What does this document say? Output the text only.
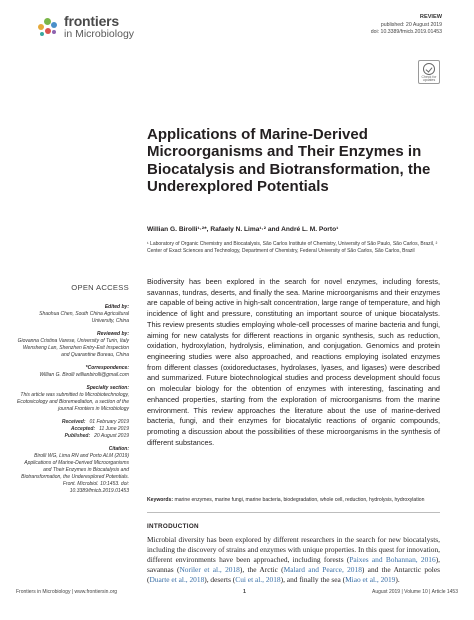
frontiers
in Microbiology
REVIEW
published: 20 August 2019
doi: 10.3389/fmicb.2019.01453
Check for
updates
Applications of Marine-Derived Microorganisms and Their Enzymes in Biocatalysis and Biotransformation, the Underexplored Potentials
Willian G. Birolli¹·²*, Rafaely N. Lima¹·² and André L. M. Porto¹

¹ Laboratory of Organic Chemistry and Biocatalysis, São Carlos Institute of Chemistry, University of São Paulo, São Carlos, Brazil, ² Center of Exact Sciences and Technology, Department of Chemistry, Federal University of São Carlos, São Carlos, Brazil

OPEN ACCESS
Edited by:
Shaohua Chen, South China Agricultural University, China
Reviewed by:
Giovanna Cristina Varese, University of Turin, Italy Wensheng Lan, Shenzhen Entry-Exit Inspection and Quarantine Bureau, China
*Correspondence:
Willian G. Birolli willianbirolli@gmail.com
Specialty section:
This article was submitted to Microbiotechnology, Ecotoxicology and Bioremediation, a section of the journal Frontiers in Microbiology
Received: 01 February 2019
Accepted: 11 June 2019
Published: 20 August 2019
Citation:
Birolli WG, Lima RN and Porto ALM (2019) Applications of Marine-Derived Microorganisms and Their Enzymes in Biocatalysis and Biotransformation, the Underexplored Potentials. Front. Microbiol. 10:1453. doi: 10.3389/fmicb.2019.01453
Biodiversity has been explored in the search for novel enzymes, including forests, savannas, tundras, deserts, and finally the sea. Marine microorganisms and their enzymes are capable of being active in high-salt concentration, large range of temperature, and high incidence of light and pressure, constituting an important source of unique biocatalysts. This review presents studies employing whole-cell processes of marine bacteria and fungi, aiming for new catalysts for different reactions in organic synthesis, such as reduction, oxidation, hydroxylation, hydrolysis, elimination, and conjugation. Genomics and protein engineering studies were also approached, and reactions employing isolated enzymes from different classes (oxidoreductases, hydrolases, lyases, and ligases) were described and summarized. Future biotechnological studies and process development should focus on molecular biology for the obtention of enzymes with interesting, fascinating and enhanced properties, starting from the exploration of microorganisms from the marine environment. This review approaches the literature about the use of marine-derived bacteria, fungi, and their enzymes for biocatalytic reactions of organic compounds, promoting a discussion about the possibilities of these microorganisms in the synthesis of different substances.
Keywords: marine enzymes, marine fungi, marine bacteria, biodegradation, whole cell, reduction, hydrolysis, hydroxylation
INTRODUCTION
Microbial diversity has been explored by different researchers in the search for new biocatalysts, including the discovery of strains and enzymes with unique properties. In this quest for innovation, different environments have been approached, including forests (Paixes and Bohannan, 2016), savannas (Noriler et al., 2018), the Arctic (Malard and Pearce, 2018) and the Antarctic poles (Duarte et al., 2018), deserts (Cui et al., 2018), and finally the sea (Miao et al., 2019).
Frontiers in Microbiology | www.frontiersin.org	1	August 2019 | Volume 10 | Article 1453
